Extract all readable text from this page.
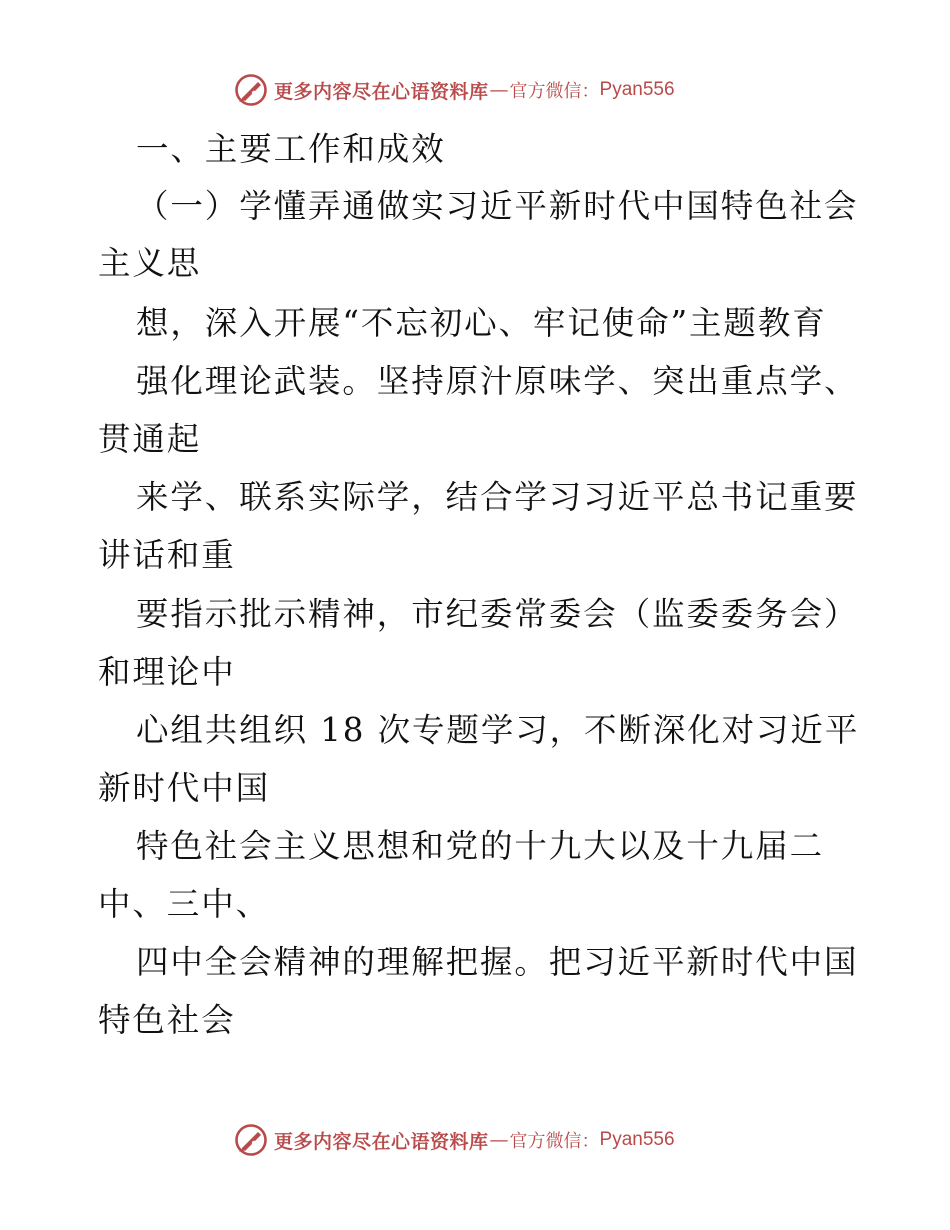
更多内容尽在心语资料库 — 官方微信： Pyan556
一、主要工作和成效
（一）学懂弄通做实习近平新时代中国特色社会
主义思
想，深入开展“不忘初心、牢记使命”主题教育
强化理论武装。坚持原汁原味学、突出重点学、
贯通起
来学、联系实际学，结合学习习近平总书记重要
讲话和重
要指示批示精神，市纪委常委会（监委委务会）
和理论中
心组共组织 18 次专题学习，不断深化对习近平
新时代中国
特色社会主义思想和党的十九大以及十九届二
中、三中、
四中全会精神的理解把握。把习近平新时代中国
特色社会
更多内容尽在心语资料库 — 官方微信： Pyan556
